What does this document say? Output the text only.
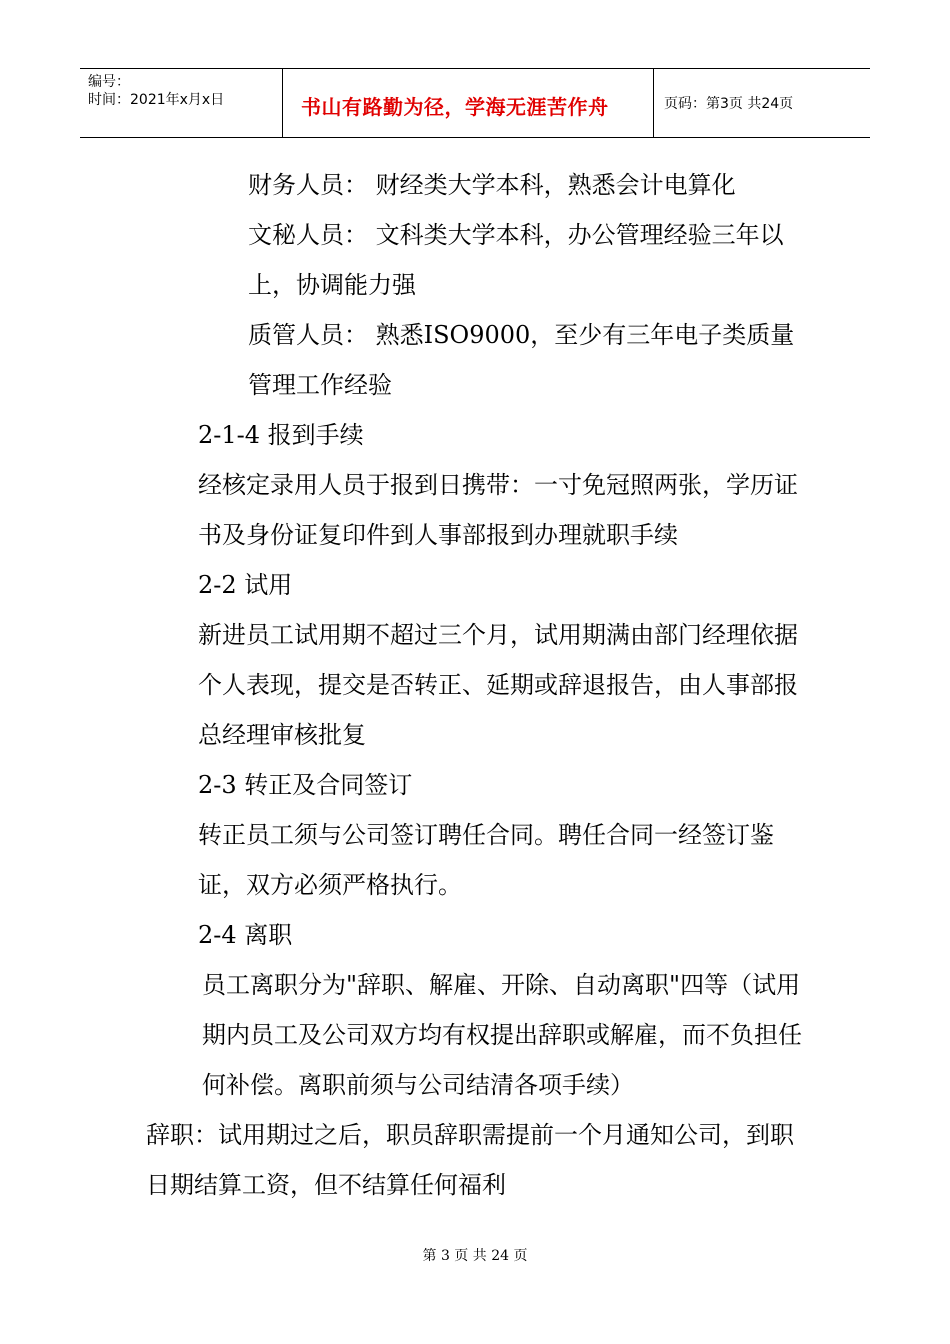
编号：
时间：2021年x月x日	书山有路勤为径，学海无涯苦作舟	页码：第3页 共24页

财务人员： 财经类大学本科，熟悉会计电算化

文秘人员： 文科类大学本科，办公管理经验三年以上，协调能力强

质管人员： 熟悉ISO9000，至少有三年电子类质量管理工作经验

2-1-4 报到手续

经核定录用人员于报到日携带：一寸免冠照两张，学历证书及身份证复印件到人事部报到办理就职手续

2-2 试用

新进员工试用期不超过三个月，试用期满由部门经理依据个人表现，提交是否转正、延期或辞退报告，由人事部报总经理审核批复

2-3 转正及合同签订

转正员工须与公司签订聘任合同。聘任合同一经签订鉴证，双方必须严格执行。

2-4 离职

员工离职分为"辞职、解雇、开除、自动离职"四等（试用期内员工及公司双方均有权提出辞职或解雇，而不负担任何补偿。离职前须与公司结清各项手续）

辞职：试用期过之后，职员辞职需提前一个月通知公司，到职日期结算工资，但不结算任何福利

第 3 页 共 24 页
